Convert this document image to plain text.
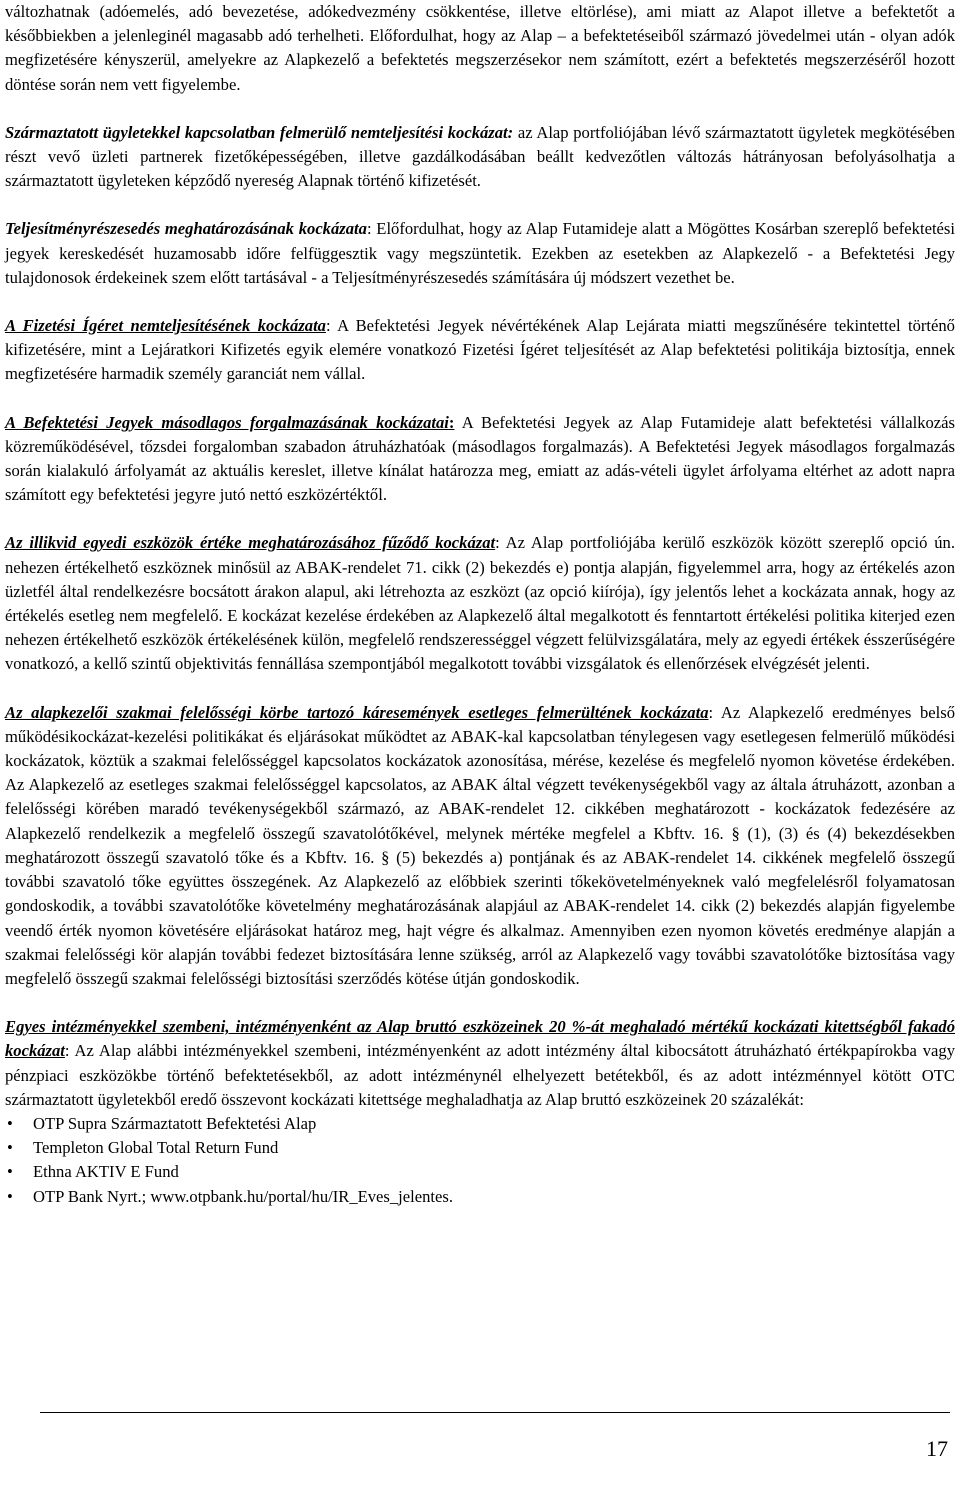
változhatnak (adóemelés, adó bevezetése, adókedvezmény csökkentése, illetve eltörlése), ami miatt az Alapot illetve a befektetőt a későbbiekben a jelenleginél magasabb adó terhelheti. Előfordulhat, hogy az Alap – a befektetéseiből származó jövedelmei után - olyan adók megfizetésére kényszerül, amelyekre az Alapkezelő a befektetés megszerzésekor nem számított, ezért a befektetés megszerzéséről hozott döntése során nem vett figyelembe.

Származtatott ügyletekkel kapcsolatban felmerülő nemteljesítési kockázat: az Alap portfoliójában lévő származtatott ügyletek megkötésében részt vevő üzleti partnerek fizetőképességében, illetve gazdálkodásában beállt kedvezőtlen változás hátrányosan befolyásolhatja a származtatott ügyleteken képződő nyereség Alapnak történő kifizetését.

Teljesítményrészesedés meghatározásának kockázata: Előfordulhat, hogy az Alap Futamideje alatt a Mögöttes Kosárban szereplő befektetési jegyek kereskedését huzamosabb időre felfüggesztik vagy megszüntetik. Ezekben az esetekben az Alapkezelő - a Befektetési Jegy tulajdonosok érdekeinek szem előtt tartásával - a Teljesítményrészesedés számítására új módszert vezethet be.

A Fizetési Ígéret nemteljesítésének kockázata: A Befektetési Jegyek névértékének Alap Lejárata miatti megszűnésére tekintettel történő kifizetésére, mint a Lejáratkori Kifizetés egyik elemére vonatkozó Fizetési Ígéret teljesítését az Alap befektetési politikája biztosítja, ennek megfizetésére harmadik személy garanciát nem vállal.

A Befektetési Jegyek másodlagos forgalmazásának kockázatai: A Befektetési Jegyek az Alap Futamideje alatt befektetési vállalkozás közreműködésével, tőzsdei forgalomban szabadon átruházhatóak (másodlagos forgalmazás). A Befektetési Jegyek másodlagos forgalmazás során kialakuló árfolyamát az aktuális kereslet, illetve kínálat határozza meg, emiatt az adás-vételi ügylet árfolyama eltérhet az adott napra számított egy befektetési jegyre jutó nettó eszközértéktől.

Az illikvid egyedi eszközök értéke meghatározásához fűződő kockázat: Az Alap portfoliójába kerülő eszközök között szereplő opció ún. nehezen értékelhető eszköznek minősül az ABAK-rendelet 71. cikk (2) bekezdés e) pontja alapján, figyelemmel arra, hogy az értékelés azon üzletfél által rendelkezésre bocsátott árakon alapul, aki létrehozta az eszközt (az opció kiírója), így jelentős lehet a kockázata annak, hogy az értékelés esetleg nem megfelelő. E kockázat kezelése érdekében az Alapkezelő által megalkotott és fenntartott értékelési politika kiterjed ezen nehezen értékelhető eszközök értékelésének külön, megfelelő rendszerességgel végzett felülvizsgálatára, mely az egyedi értékek ésszerűségére vonatkozó, a kellő szintű objektivitás fennállása szempontjából megalkotott további vizsgálatok és ellenőrzések elvégzését jelenti.

Az alapkezelői szakmai felelősségi körbe tartozó káresemények esetleges felmerültének kockázata: Az Alapkezelő eredményes belső működésikockázat-kezelési politikákat és eljárásokat működtet az ABAK-kal kapcsolatban ténylegesen vagy esetlegesen felmerülő működési kockázatok, köztük a szakmai felelősséggel kapcsolatos kockázatok azonosítása, mérése, kezelése és megfelelő nyomon követése érdekében. Az Alapkezelő az esetleges szakmai felelősséggel kapcsolatos, az ABAK által végzett tevékenységekből vagy az általa átruházott, azonban a felelősségi körében maradó tevékenységekből származó, az ABAK-rendelet 12. cikkében meghatározott - kockázatok fedezésére az Alapkezelő rendelkezik a megfelelő összegű szavatolótőkével, melynek mértéke megfelel a Kbftv. 16. § (1), (3) és (4) bekezdésekben meghatározott összegű szavatoló tőke és a Kbftv. 16. § (5) bekezdés a) pontjának és az ABAK-rendelet 14. cikkének megfelelő összegű további szavatoló tőke együttes összegének. Az Alapkezelő az előbbiek szerinti tőkekövetelményeknek való megfelelésről folyamatosan gondoskodik, a további szavatolótőke követelmény meghatározásának alapjául az ABAK-rendelet 14. cikk (2) bekezdés alapján figyelembe veendő érték nyomon követésére eljárásokat határoz meg, hajt végre és alkalmaz. Amennyiben ezen nyomon követés eredménye alapján a szakmai felelősségi kör alapján további fedezet biztosítására lenne szükség, arról az Alapkezelő vagy további szavatolótőke biztosítása vagy megfelelő összegű szakmai felelősségi biztosítási szerződés kötése útján gondoskodik.

Egyes intézményekkel szembeni, intézményenként az Alap bruttó eszközeinek 20 %-át meghaladó mértékű kockázati kitettségből fakadó kockázat: Az Alap alábbi intézményekkel szembeni, intézményenként az adott intézmény által kibocsátott átruházható értékpapírokba vagy pénzpiaci eszközökbe történő befektetésekből, az adott intézménynél elhelyezett betétekből, és az adott intézménnyel kötött OTC származtatott ügyletekből eredő összevont kockázati kitettsége meghaladhatja az Alap bruttó eszközeinek 20 százalékát:

• OTP Supra Származtatott Befektetési Alap
• Templeton Global Total Return Fund
• Ethna AKTIV E Fund
• OTP Bank Nyrt.; www.otpbank.hu/portal/hu/IR_Eves_jelentes.
17
